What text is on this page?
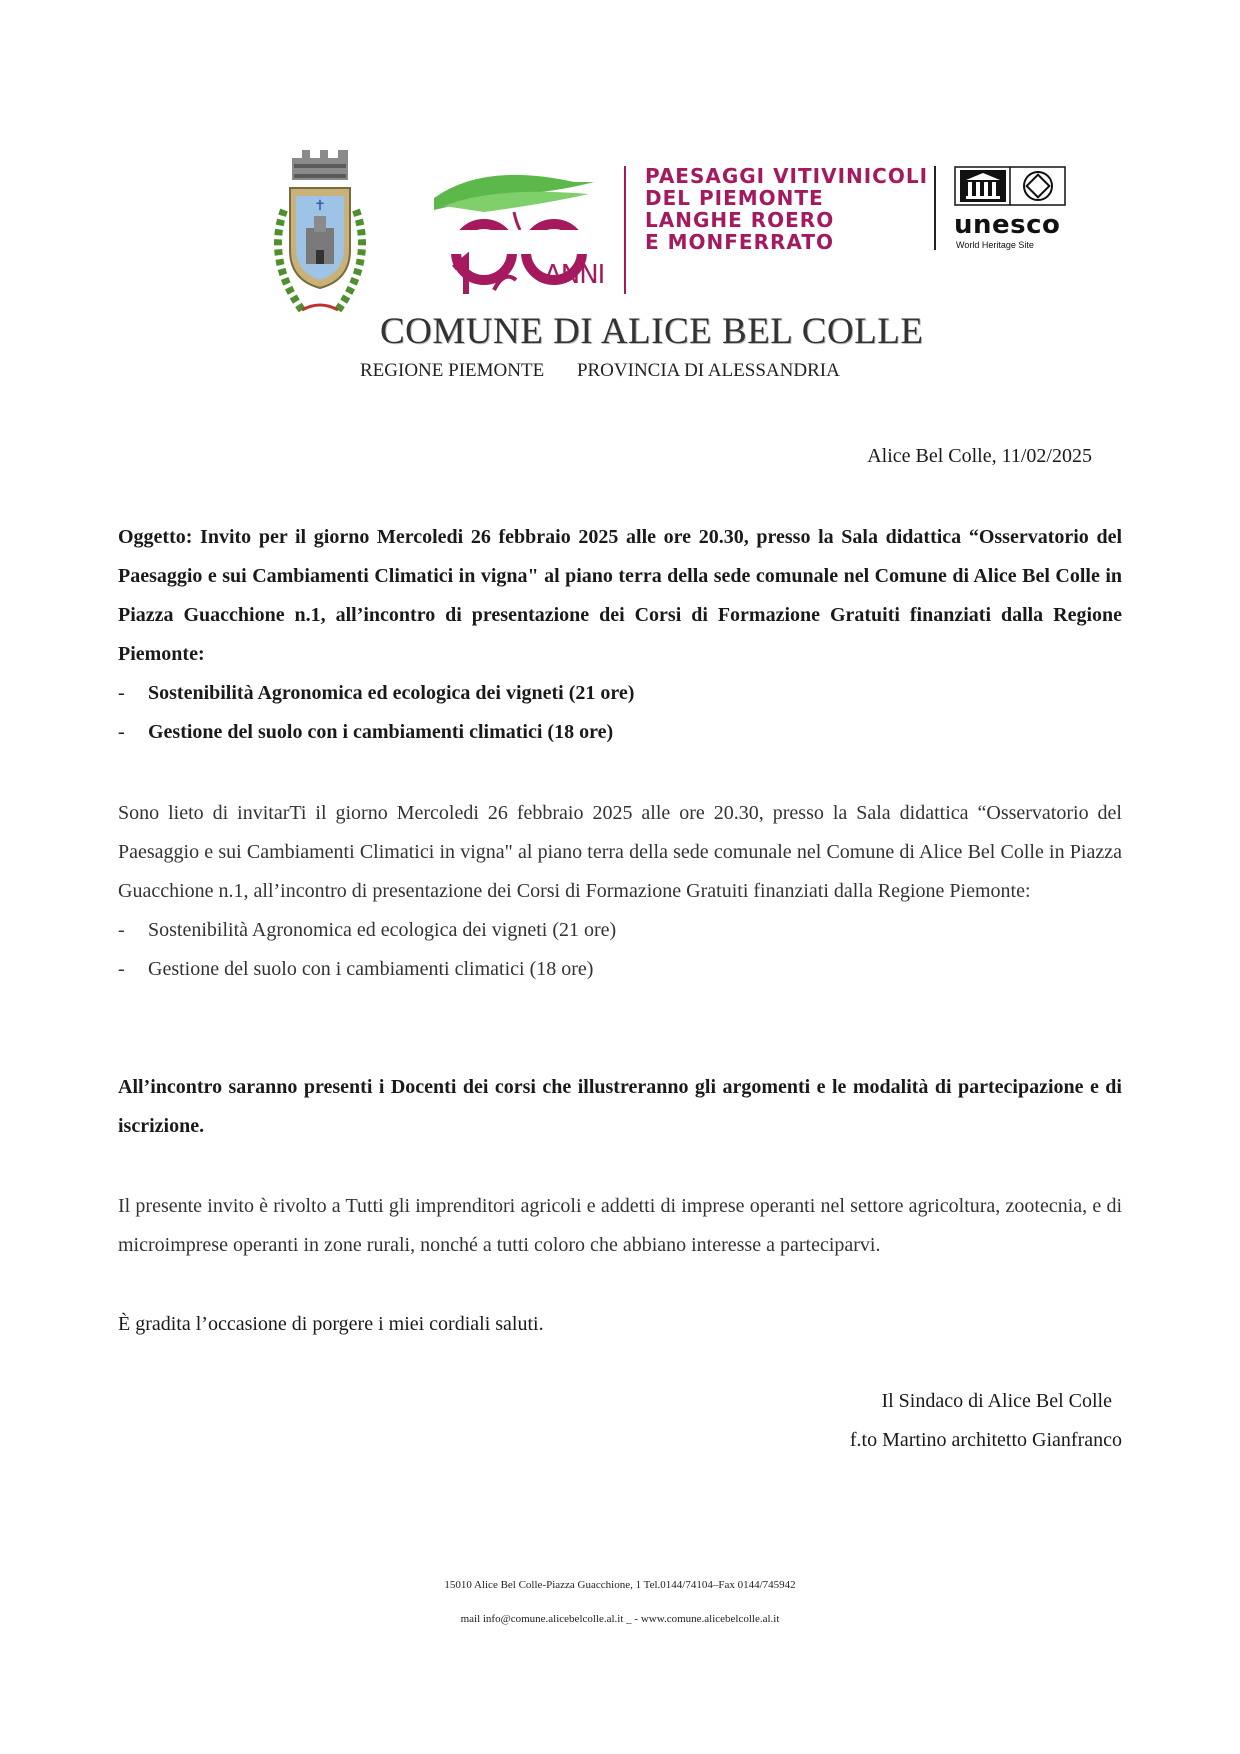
✝
ANNI
PAESAGGI VITIVINICOLI
DEL PIEMONTE
LANGHE ROERO
E MONFERRATO
unesco
World Heritage Site
COMUNE DI ALICE BEL COLLE
REGIONE PIEMONTE PROVINCIA DI ALESSANDRIA
Alice Bel Colle, 11/02/2025
Oggetto: Invito per il giorno Mercoledi 26 febbraio 2025 alle ore 20.30, presso la Sala didattica “Osservatorio del Paesaggio e sui Cambiamenti Climatici in vigna" al piano terra della sede comunale nel Comune di Alice Bel Colle in Piazza Guacchione n.1, all’incontro di presentazione dei Corsi di Formazione Gratuiti finanziati dalla Regione Piemonte:
-	Sostenibilità Agronomica ed ecologica dei vigneti (21 ore)
-	Gestione del suolo con i cambiamenti climatici (18 ore)
Sono lieto di invitarTi il giorno Mercoledi 26 febbraio 2025 alle ore 20.30, presso la Sala didattica “Osservatorio del Paesaggio e sui Cambiamenti Climatici in vigna" al piano terra della sede comunale nel Comune di Alice Bel Colle in Piazza Guacchione n.1, all’incontro di presentazione dei Corsi di Formazione Gratuiti finanziati dalla Regione Piemonte:
-	Sostenibilità Agronomica ed ecologica dei vigneti (21 ore)
-	Gestione del suolo con i cambiamenti climatici (18 ore)
All’incontro saranno presenti i Docenti dei corsi che illustreranno gli argomenti e le modalità di partecipazione e di iscrizione.
Il presente invito è rivolto a Tutti gli imprenditori agricoli e addetti di imprese operanti nel settore agricoltura, zootecnia, e di microimprese operanti in zone rurali, nonché a tutti coloro che abbiano interesse a parteciparvi.
È gradita l’occasione di porgere i miei cordiali saluti.
Il Sindaco di Alice Bel Colle
f.to Martino architetto Gianfranco
15010 Alice Bel Colle-Piazza Guacchione, 1 Tel.0144/74104–Fax 0144/745942
mail info@comune.alicebelcolle.al.it _ - www.comune.alicebelcolle.al.it
